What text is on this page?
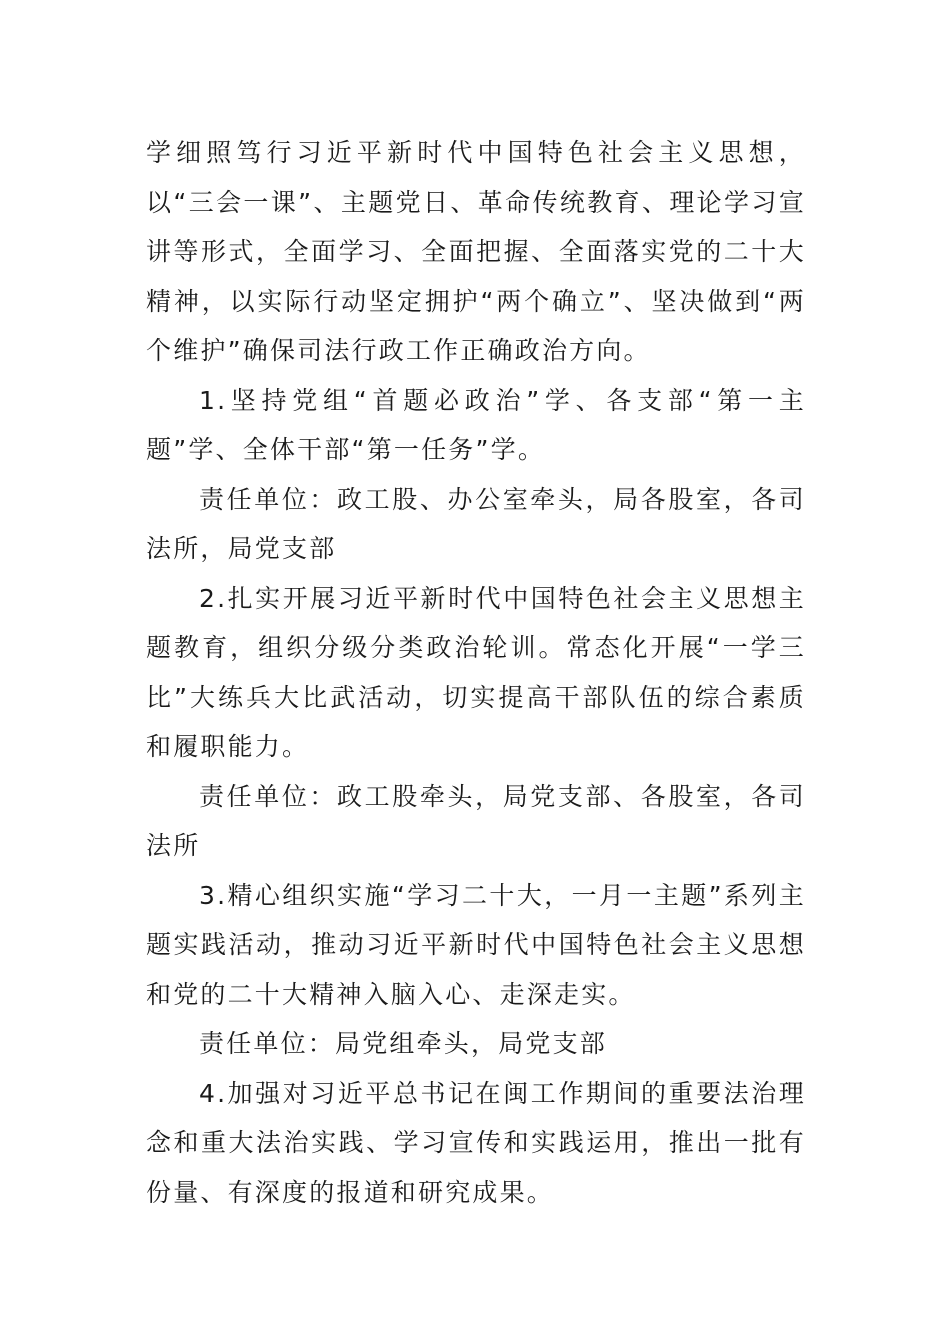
学细照笃行习近平新时代中国特色社会主义思想，以“三会一课”、主题党日、革命传统教育、理论学习宣讲等形式，全面学习、全面把握、全面落实党的二十大精神，以实际行动坚定拥护“两个确立”、坚决做到“两个维护”确保司法行政工作正确政治方向。

1.坚持党组“首题必政治”学、各支部“第一主题”学、全体干部“第一任务”学。

责任单位：政工股、办公室牵头，局各股室，各司法所，局党支部

2.扎实开展习近平新时代中国特色社会主义思想主题教育，组织分级分类政治轮训。常态化开展“一学三比”大练兵大比武活动，切实提高干部队伍的综合素质和履职能力。

责任单位：政工股牵头，局党支部、各股室，各司法所

3.精心组织实施“学习二十大，一月一主题”系列主题实践活动，推动习近平新时代中国特色社会主义思想和党的二十大精神入脑入心、走深走实。

责任单位：局党组牵头，局党支部

4.加强对习近平总书记在闽工作期间的重要法治理念和重大法治实践、学习宣传和实践运用，推出一批有份量、有深度的报道和研究成果。
